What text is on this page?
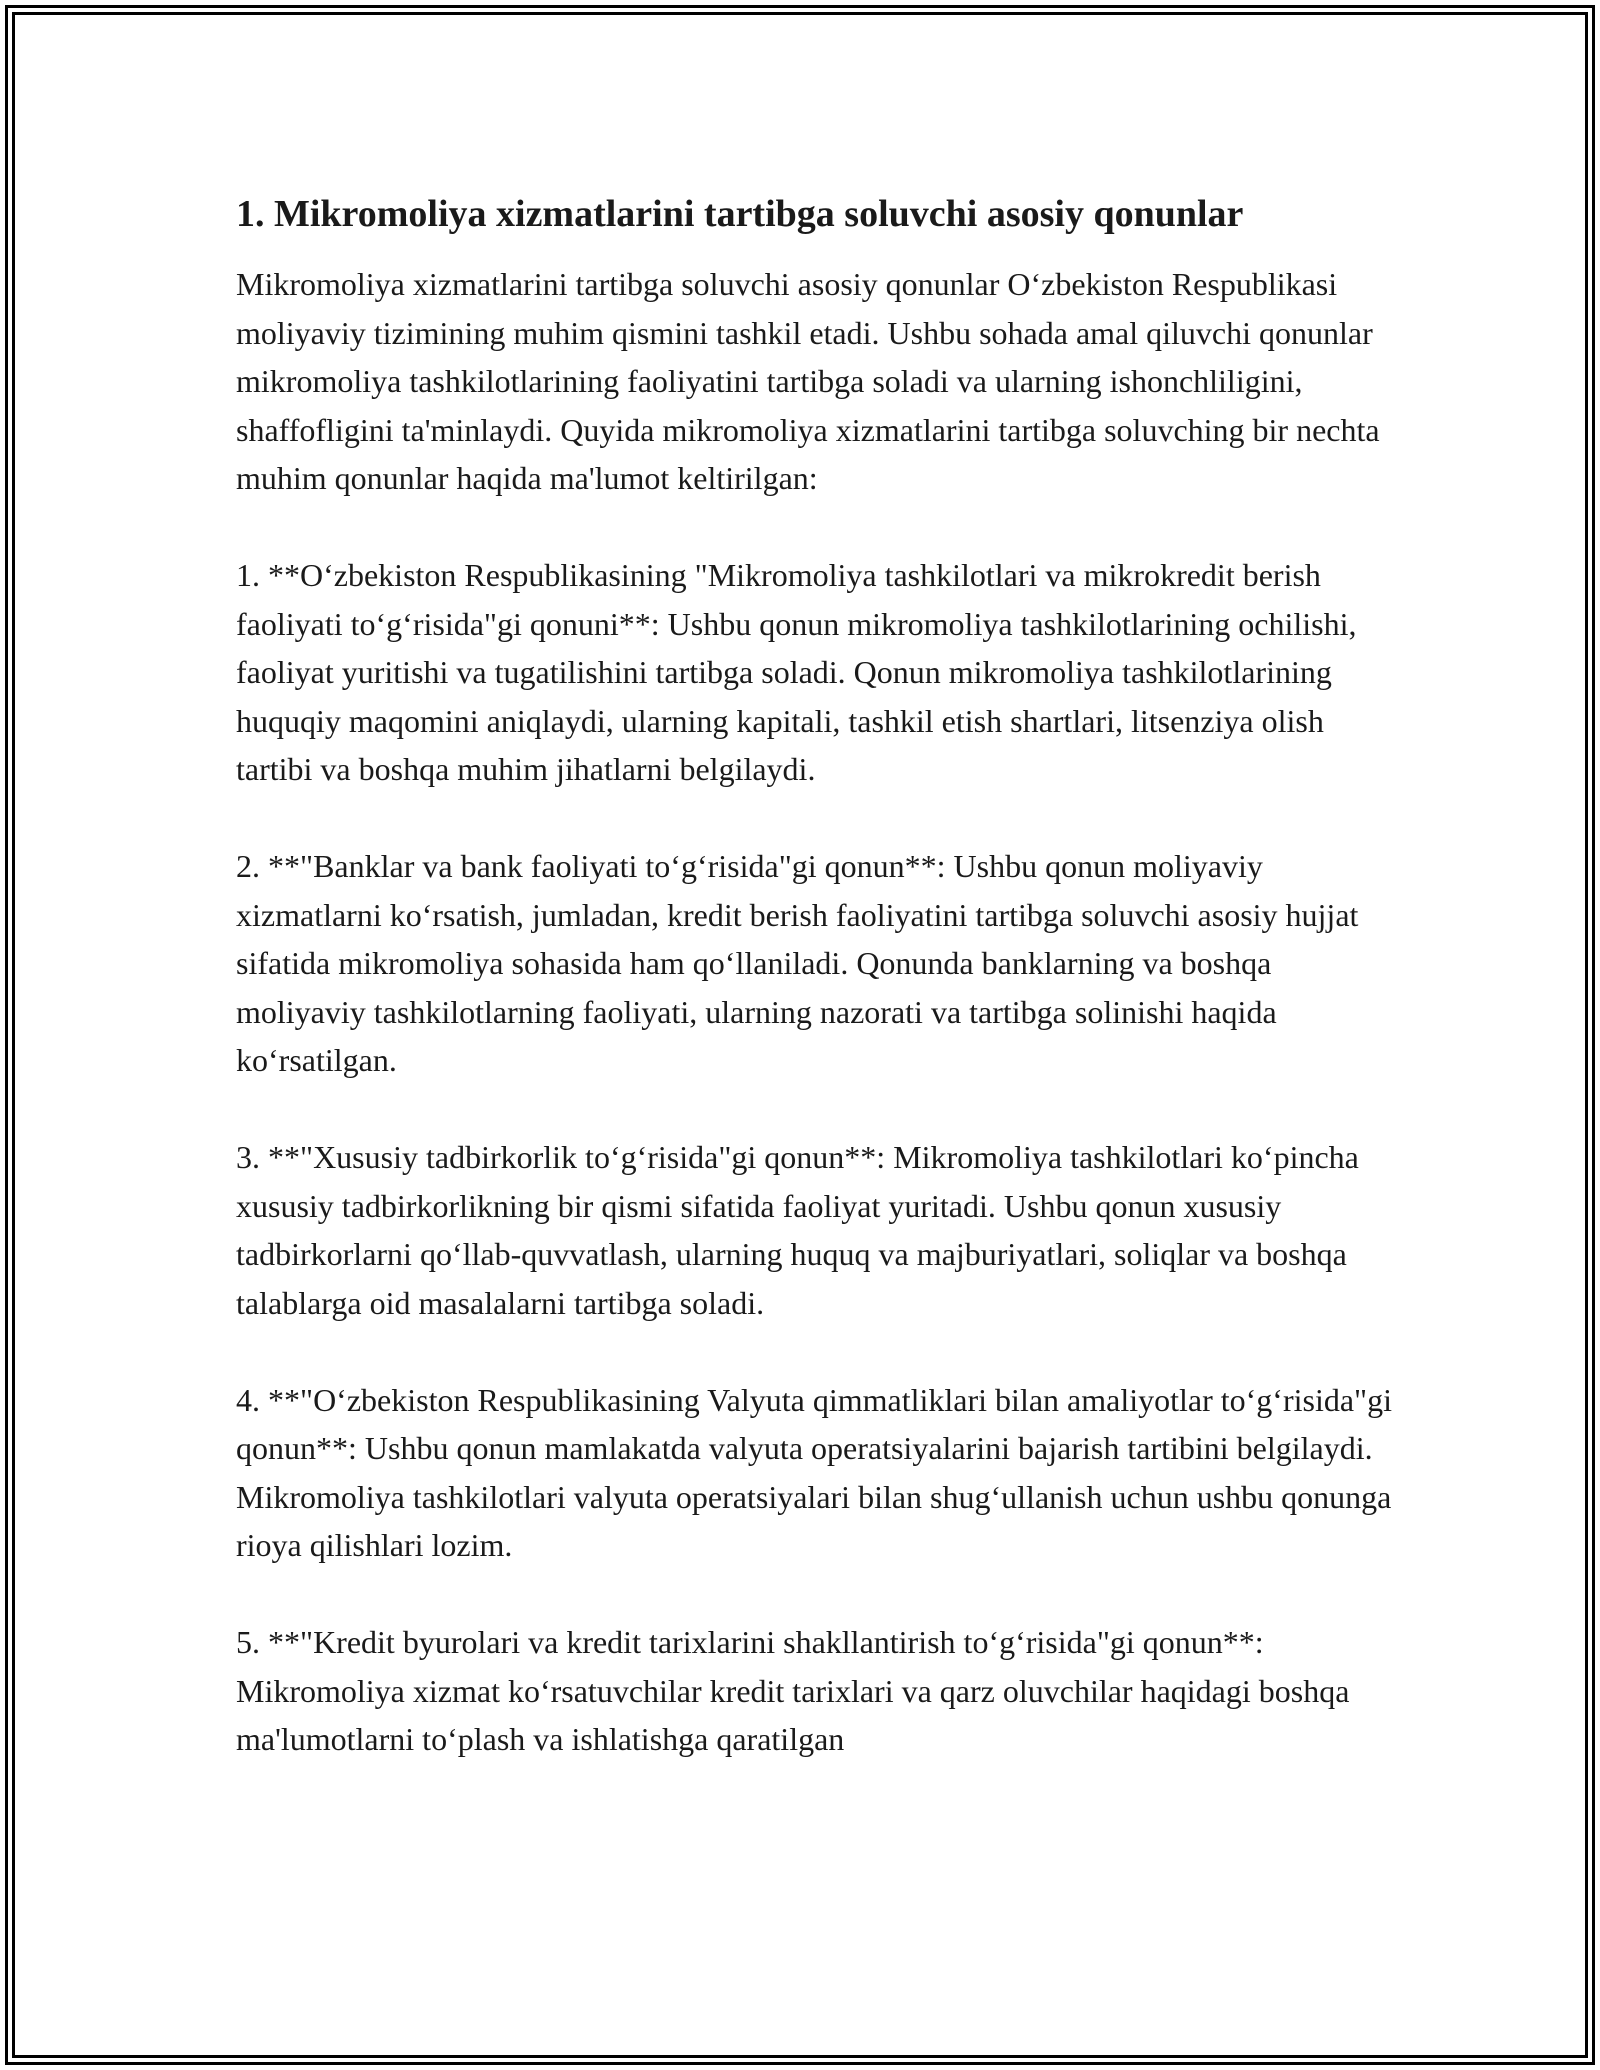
1. Mikromoliya xizmatlarini tartibga soluvchi asosiy qonunlar

Mikromoliya xizmatlarini tartibga soluvchi asosiy qonunlar O‘zbekiston Respublikasi moliyaviy tizimining muhim qismini tashkil etadi. Ushbu sohada amal qiluvchi qonunlar mikromoliya tashkilotlarining faoliyatini tartibga soladi va ularning ishonchliligini, shaffofligini ta'minlaydi. Quyida mikromoliya xizmatlarini tartibga soluvching bir nechta muhim qonunlar haqida ma'lumot keltirilgan:

1. **O‘zbekiston Respublikasining "Mikromoliya tashkilotlari va mikrokredit berish faoliyati to‘g‘risida"gi qonuni**: Ushbu qonun mikromoliya tashkilotlarining ochilishi, faoliyat yuritishi va tugatilishini tartibga soladi. Qonun mikromoliya tashkilotlarining huquqiy maqomini aniqlaydi, ularning kapitali, tashkil etish shartlari, litsenziya olish tartibi va boshqa muhim jihatlarni belgilaydi.

2. **"Banklar va bank faoliyati to‘g‘risida"gi qonun**: Ushbu qonun moliyaviy xizmatlarni ko‘rsatish, jumladan, kredit berish faoliyatini tartibga soluvchi asosiy hujjat sifatida mikromoliya sohasida ham qo‘llaniladi. Qonunda banklarning va boshqa moliyaviy tashkilotlarning faoliyati, ularning nazorati va tartibga solinishi haqida ko‘rsatilgan.

3. **"Xususiy tadbirkorlik to‘g‘risida"gi qonun**: Mikromoliya tashkilotlari ko‘pincha xususiy tadbirkorlikning bir qismi sifatida faoliyat yuritadi. Ushbu qonun xususiy tadbirkorlarni qo‘llab-quvvatlash, ularning huquq va majburiyatlari, soliqlar va boshqa talablarga oid masalalarni tartibga soladi.

4. **"O‘zbekiston Respublikasining Valyuta qimmatliklari bilan amaliyotlar to‘g‘risida"gi qonun**: Ushbu qonun mamlakatda valyuta operatsiyalarini bajarish tartibini belgilaydi. Mikromoliya tashkilotlari valyuta operatsiyalari bilan shug‘ullanish uchun ushbu qonunga rioya qilishlari lozim.

5. **"Kredit byurolari va kredit tarixlarini shakllantirish to‘g‘risida"gi qonun**: Mikromoliya xizmat ko‘rsatuvchilar kredit tarixlari va qarz oluvchilar haqidagi boshqa ma'lumotlarni to‘plash va ishlatishga qaratilgan
